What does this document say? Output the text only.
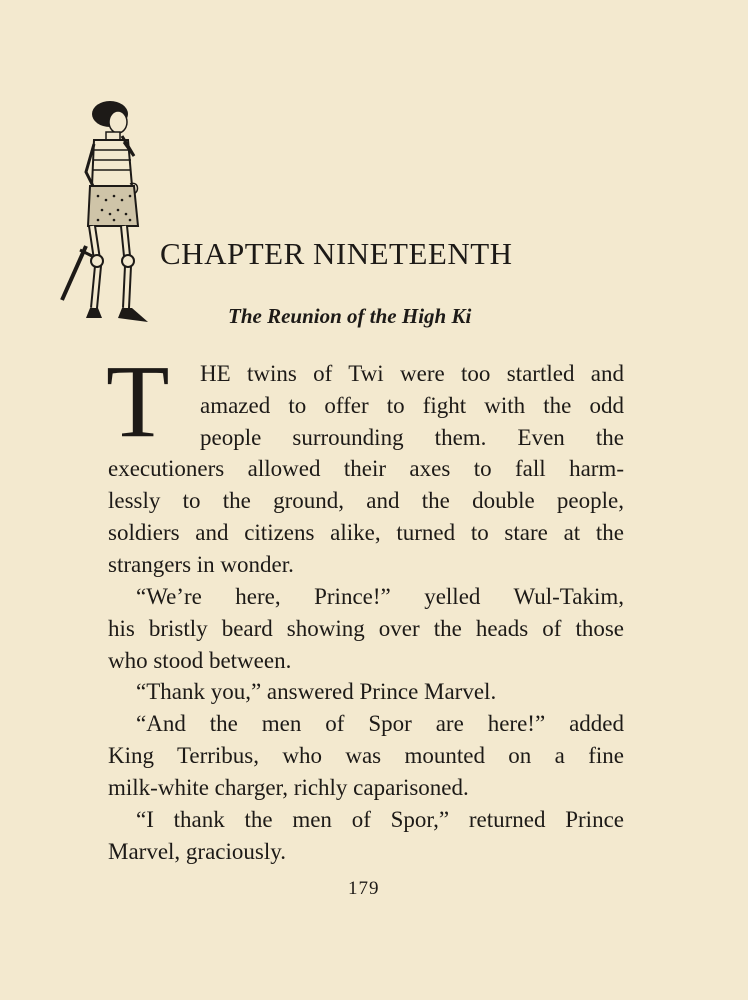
CHAPTER NINETEENTH
The Reunion of the High Ki
T HE twins of Twi were too startled and
amazed to offer to fight with the odd
people surrounding them. Even the
executioners allowed their axes to fall harm-
lessly to the ground, and the double people,
soldiers and citizens alike, turned to stare at the
strangers in wonder.
“We’re here, Prince!” yelled Wul-Takim,
his bristly beard showing over the heads of those
who stood between.
“Thank you,” answered Prince Marvel.
“And the men of Spor are here!” added
King Terribus, who was mounted on a fine
milk-white charger, richly caparisoned.
“I thank the men of Spor,” returned Prince
Marvel, graciously.
179
